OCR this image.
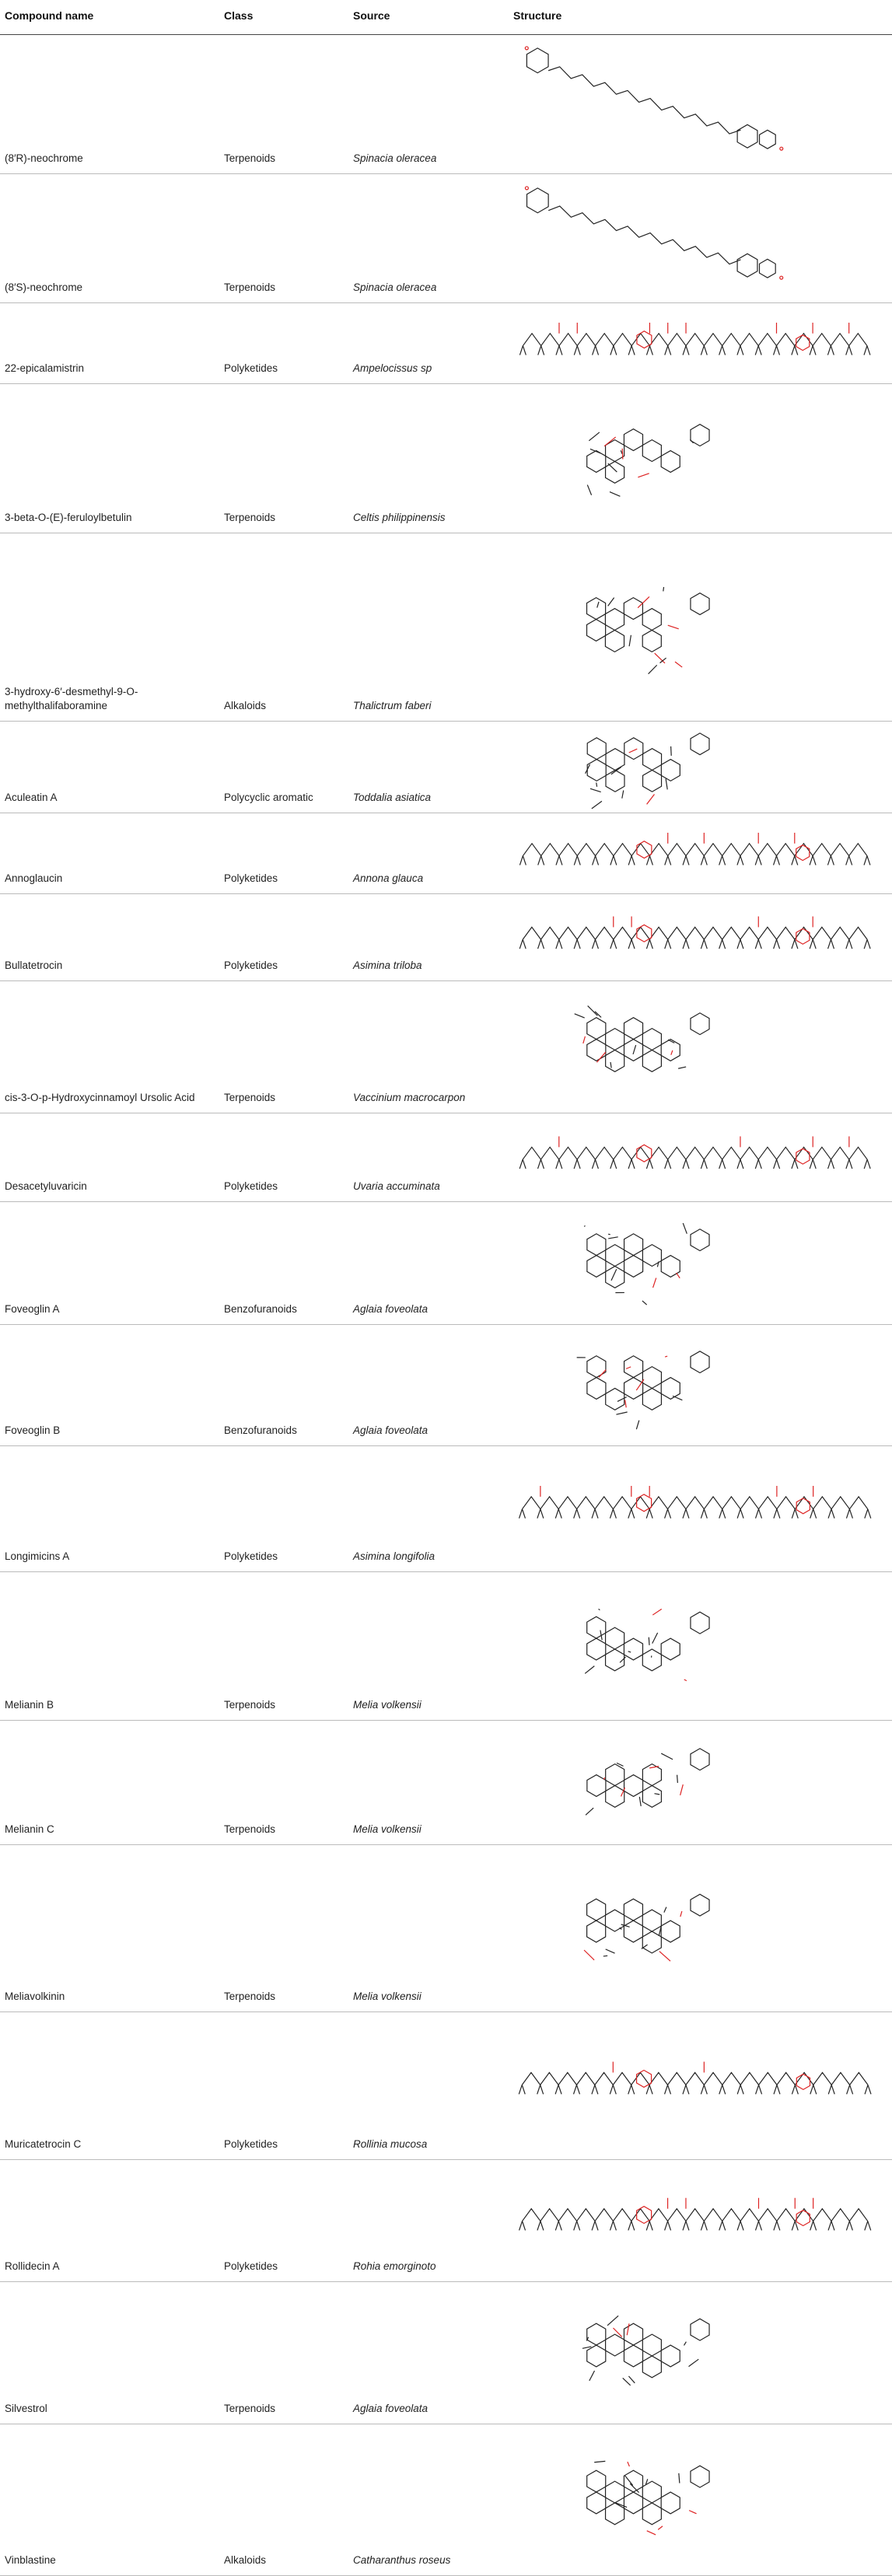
Compound name	Class	Source	Structure
(8′R)-neochrome	Terpenoids	Spinacia oleracea
(8′S)-neochrome	Terpenoids	Spinacia oleracea
22-epicalamistrin	Polyketides	Ampelocissus sp
3-beta-O-(E)-feruloylbetulin	Terpenoids	Celtis philippinensis
3-hydroxy-6′-desmethyl-9-O-methylthalifaboramine	Alkaloids	Thalictrum faberi
Aculeatin A	Polycyclic aromatic	Toddalia asiatica
Annoglaucin	Polyketides	Annona glauca
Bullatetrocin	Polyketides	Asimina triloba
cis-3-O-p-Hydroxycinnamoyl Ursolic Acid	Terpenoids	Vaccinium macrocarpon
Desacetyluvaricin	Polyketides	Uvaria accuminata
Foveoglin A	Benzofuranoids	Aglaia foveolata
Foveoglin B	Benzofuranoids	Aglaia foveolata
Longimicins A	Polyketides	Asimina longifolia
Melianin B	Terpenoids	Melia volkensii
Melianin C	Terpenoids	Melia volkensii
Meliavolkinin	Terpenoids	Melia volkensii
Muricatetrocin C	Polyketides	Rollinia mucosa
Rollidecin A	Polyketides	Rohia emorginoto
Silvestrol	Terpenoids	Aglaia foveolata
Vinblastine	Alkaloids	Catharanthus roseus
